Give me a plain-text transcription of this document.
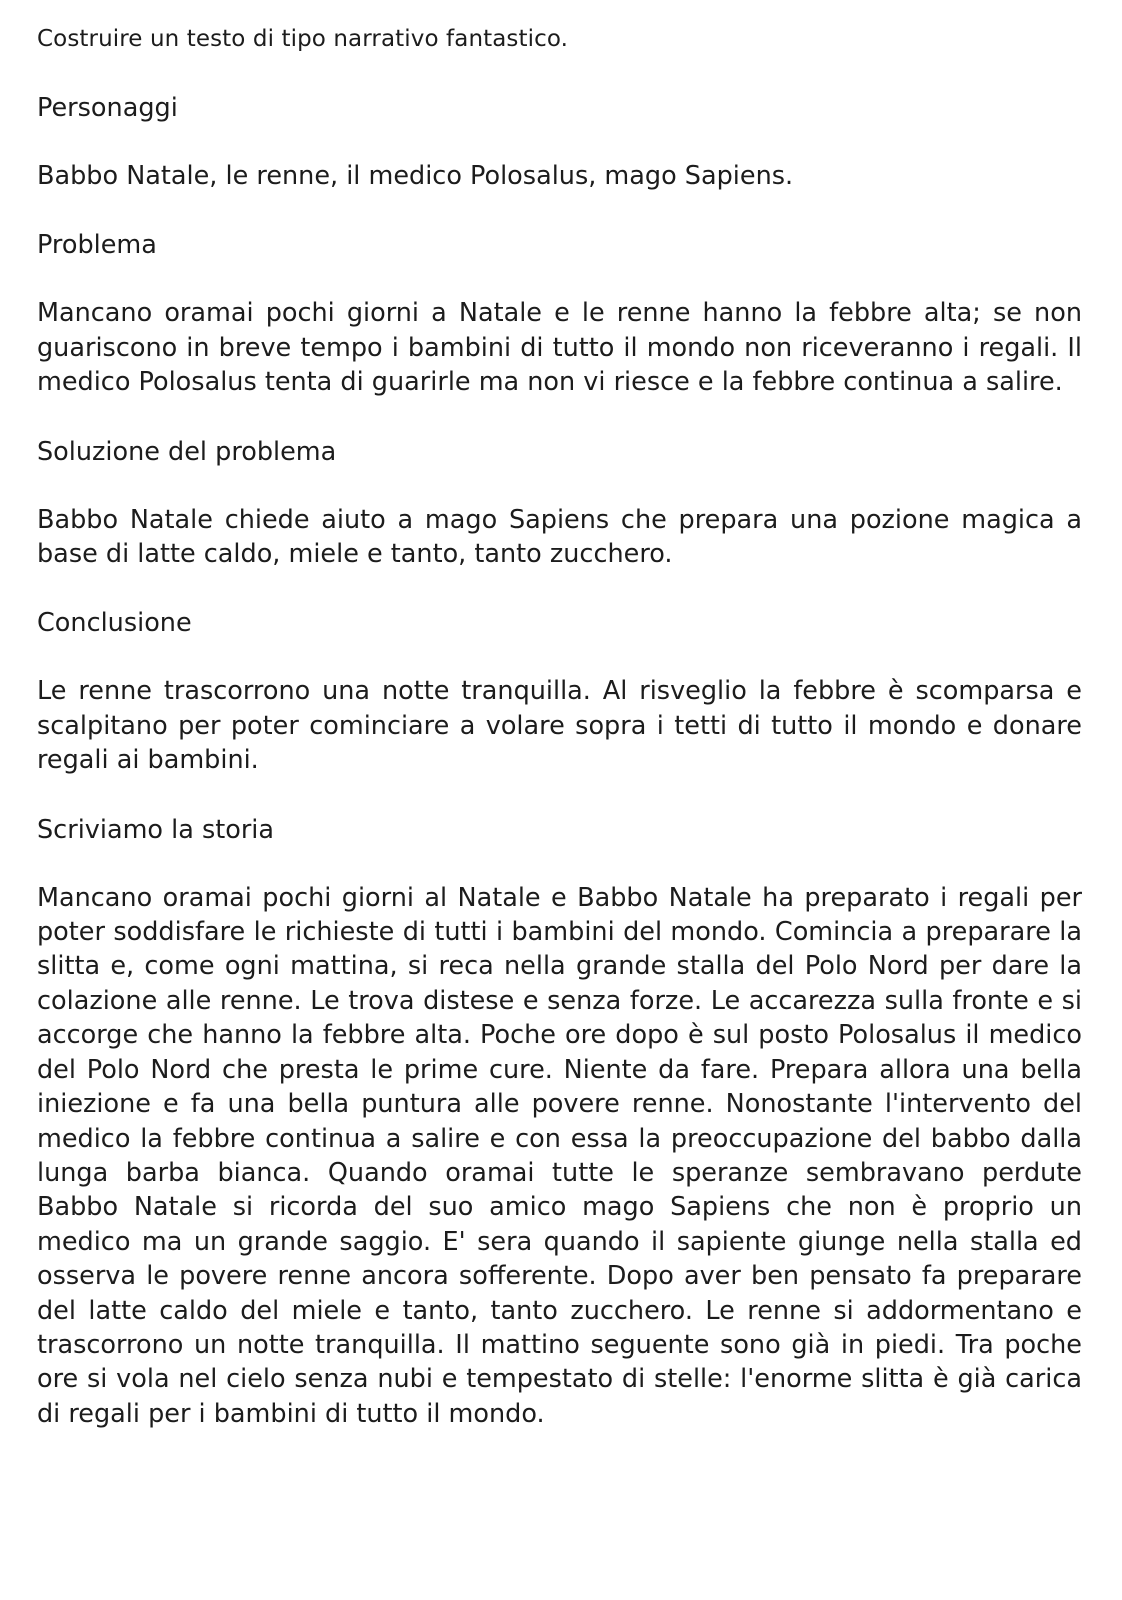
Costruire un testo di tipo narrativo fantastico.

Personaggi

Babbo Natale, le renne, il medico Polosalus, mago Sapiens.

Problema

Mancano oramai pochi giorni a Natale e le renne hanno la febbre alta; se non guariscono in breve tempo i bambini di tutto il mondo non riceveranno i regali. Il medico Polosalus tenta di guarirle ma non vi riesce e la febbre continua a salire.

Soluzione del problema

Babbo Natale chiede aiuto a mago Sapiens che prepara una pozione magica a base di latte caldo, miele e tanto, tanto zucchero.

Conclusione

Le renne trascorrono una notte tranquilla. Al risveglio la febbre è scomparsa e scalpitano per poter cominciare a volare sopra i tetti di tutto il mondo e donare regali ai bambini.

Scriviamo la storia

Mancano oramai pochi giorni al Natale e Babbo Natale ha preparato i regali per poter soddisfare le richieste di tutti i bambini del mondo. Comincia a preparare la slitta e, come ogni mattina, si reca nella grande stalla del Polo Nord per dare la colazione alle renne. Le trova distese e senza forze. Le accarezza sulla fronte e si accorge che hanno la febbre alta. Poche ore dopo è sul posto Polosalus il medico del Polo Nord che presta le prime cure. Niente da fare. Prepara allora una bella iniezione e fa una bella puntura alle povere renne. Nonostante l'intervento del medico la febbre continua a salire e con essa la preoccupazione del babbo dalla lunga barba bianca. Quando oramai tutte le speranze sembravano perdute Babbo Natale si ricorda del suo amico mago Sapiens che non è proprio un medico ma un grande saggio. E' sera quando il sapiente giunge nella stalla ed osserva le povere renne ancora sofferente. Dopo aver ben pensato fa preparare del latte caldo del miele e tanto, tanto zucchero. Le renne si addormentano e trascorrono un notte tranquilla. Il mattino seguente sono già in piedi. Tra poche ore si vola nel cielo senza nubi e tempestato di stelle: l'enorme slitta è già carica di regali per i bambini di tutto il mondo.
